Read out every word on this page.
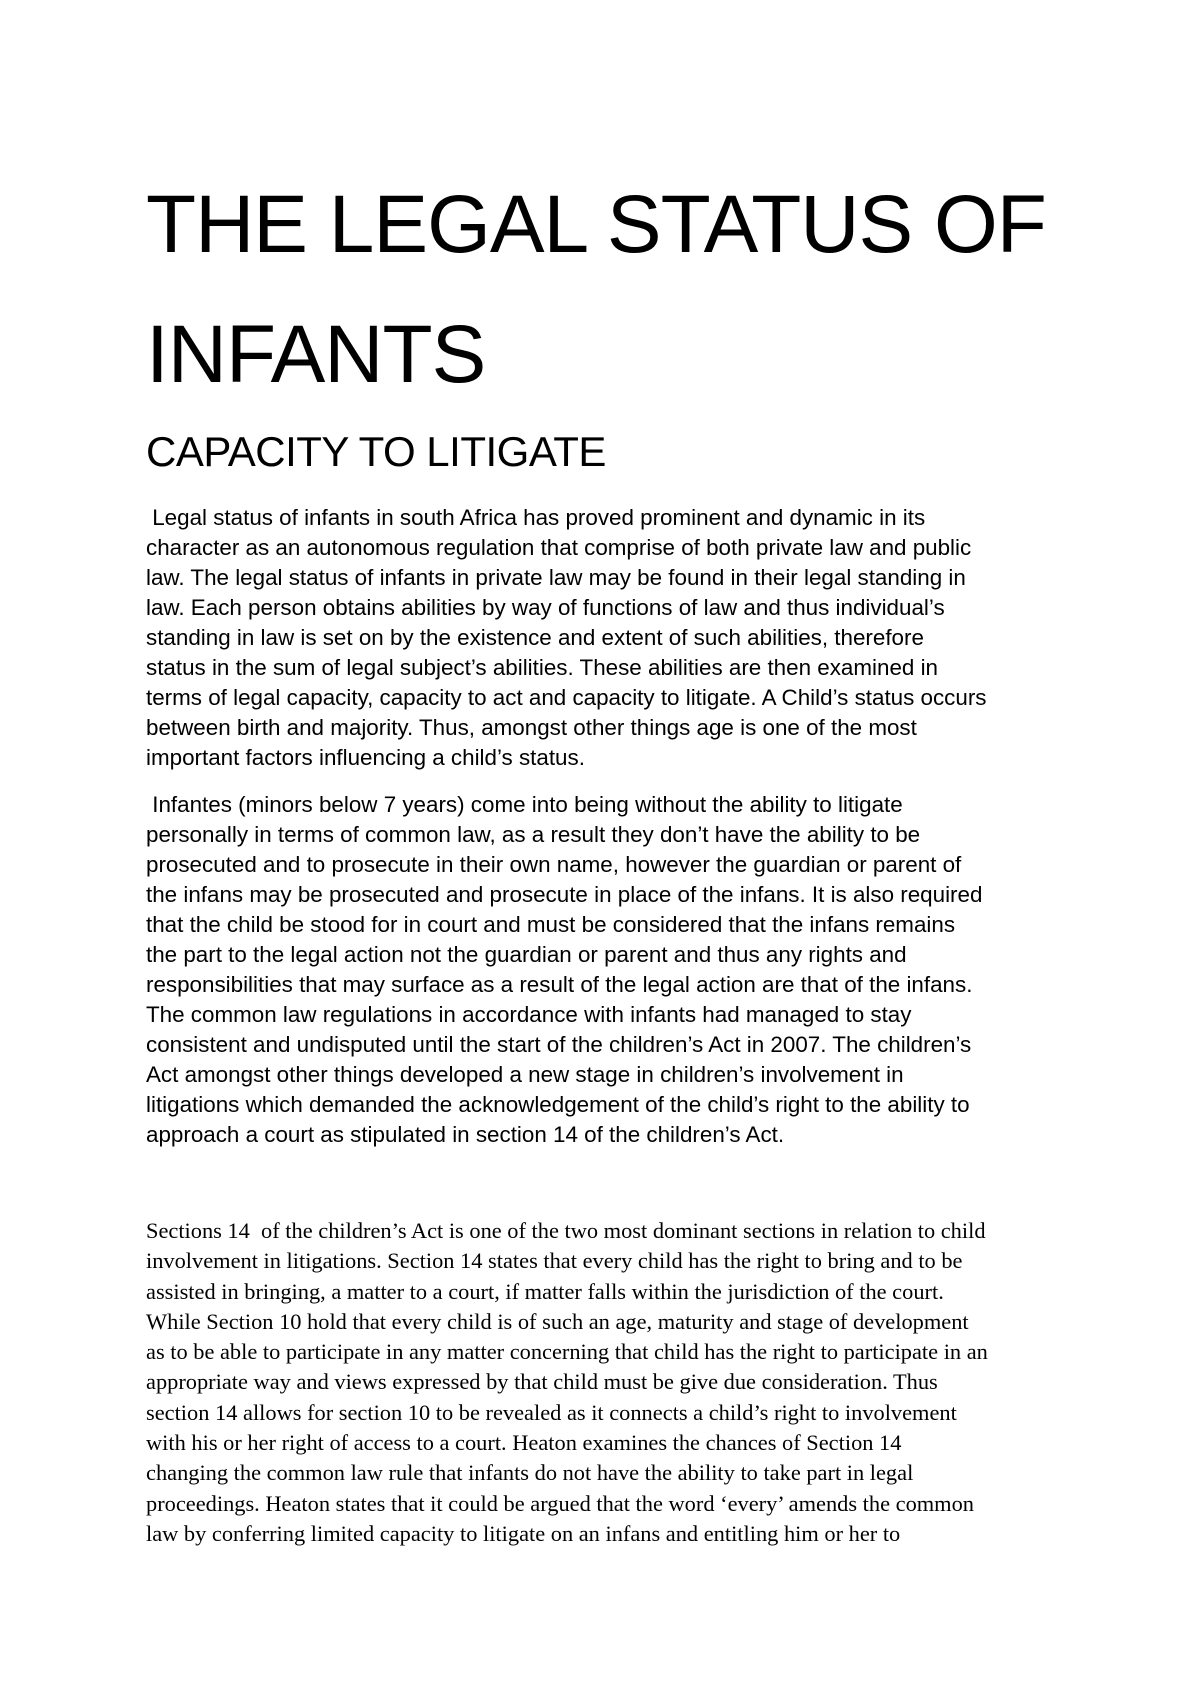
THE LEGAL STATUS OF
INFANTS
CAPACITY TO LITIGATE
Legal status of infants in south Africa has proved prominent and dynamic in its
character as an autonomous regulation that comprise of both private law and public
law. The legal status of infants in private law may be found in their legal standing in
law. Each person obtains abilities by way of functions of law and thus individual’s
standing in law is set on by the existence and extent of such abilities, therefore
status in the sum of legal subject’s abilities. These abilities are then examined in
terms of legal capacity, capacity to act and capacity to litigate. A Child’s status occurs
between birth and majority. Thus, amongst other things age is one of the most
important factors influencing a child’s status.
Infantes (minors below 7 years) come into being without the ability to litigate
personally in terms of common law, as a result they don’t have the ability to be
prosecuted and to prosecute in their own name, however the guardian or parent of
the infans may be prosecuted and prosecute in place of the infans. It is also required
that the child be stood for in court and must be considered that the infans remains
the part to the legal action not the guardian or parent and thus any rights and
responsibilities that may surface as a result of the legal action are that of the infans.
The common law regulations in accordance with infants had managed to stay
consistent and undisputed until the start of the children’s Act in 2007. The children’s
Act amongst other things developed a new stage in children’s involvement in
litigations which demanded the acknowledgement of the child’s right to the ability to
approach a court as stipulated in section 14 of the children’s Act.
Sections 14  of the children’s Act is one of the two most dominant sections in relation to child
involvement in litigations. Section 14 states that every child has the right to bring and to be
assisted in bringing, a matter to a court, if matter falls within the jurisdiction of the court.
While Section 10 hold that every child is of such an age, maturity and stage of development
as to be able to participate in any matter concerning that child has the right to participate in an
appropriate way and views expressed by that child must be give due consideration. Thus
section 14 allows for section 10 to be revealed as it connects a child’s right to involvement
with his or her right of access to a court. Heaton examines the chances of Section 14
changing the common law rule that infants do not have the ability to take part in legal
proceedings. Heaton states that it could be argued that the word ‘every’ amends the common
law by conferring limited capacity to litigate on an infans and entitling him or her to
